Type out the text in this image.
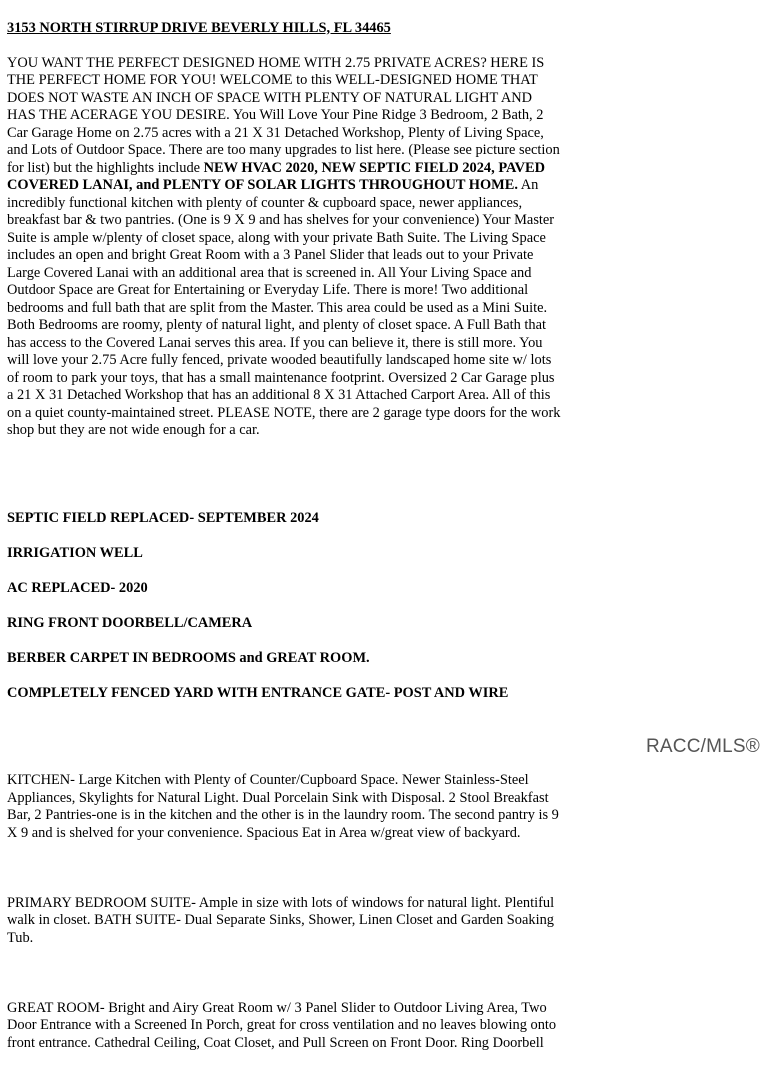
3153 NORTH STIRRUP DRIVE BEVERLY HILLS, FL 34465

YOU WANT THE PERFECT DESIGNED HOME WITH 2.75 PRIVATE ACRES? HERE IS
THE PERFECT HOME FOR YOU! WELCOME to this WELL-DESIGNED HOME THAT
DOES NOT WASTE AN INCH OF SPACE WITH PLENTY OF NATURAL LIGHT AND
HAS THE ACERAGE YOU DESIRE. You Will Love Your Pine Ridge 3 Bedroom, 2 Bath, 2
Car Garage Home on 2.75 acres with a 21 X 31 Detached Workshop, Plenty of Living Space,
and Lots of Outdoor Space. There are too many upgrades to list here. (Please see picture section
for list) but the highlights include NEW HVAC 2020, NEW SEPTIC FIELD 2024, PAVED
COVERED LANAI, and PLENTY OF SOLAR LIGHTS THROUGHOUT HOME. An
incredibly functional kitchen with plenty of counter & cupboard space, newer appliances,
breakfast bar & two pantries. (One is 9 X 9 and has shelves for your convenience) Your Master
Suite is ample w/plenty of closet space, along with your private Bath Suite. The Living Space
includes an open and bright Great Room with a 3 Panel Slider that leads out to your Private
Large Covered Lanai with an additional area that is screened in. All Your Living Space and
Outdoor Space are Great for Entertaining or Everyday Life. There is more! Two additional
bedrooms and full bath that are split from the Master. This area could be used as a Mini Suite.
Both Bedrooms are roomy, plenty of natural light, and plenty of closet space. A Full Bath that
has access to the Covered Lanai serves this area. If you can believe it, there is still more. You
will love your 2.75 Acre fully fenced, private wooded beautifully landscaped home site w/ lots
of room to park your toys, that has a small maintenance footprint. Oversized 2 Car Garage plus
a 21 X 31 Detached Workshop that has an additional 8 X 31 Attached Carport Area. All of this
on a quiet county-maintained street. PLEASE NOTE, there are 2 garage type doors for the work
shop but they are not wide enough for a car.

SEPTIC FIELD REPLACED- SEPTEMBER 2024

IRRIGATION WELL

AC REPLACED- 2020

RING FRONT DOORBELL/CAMERA

BERBER CARPET IN BEDROOMS and GREAT ROOM.

COMPLETELY FENCED YARD WITH ENTRANCE GATE- POST AND WIRE

KITCHEN- Large Kitchen with Plenty of Counter/Cupboard Space. Newer Stainless-Steel
Appliances, Skylights for Natural Light. Dual Porcelain Sink with Disposal. 2 Stool Breakfast
Bar, 2 Pantries-one is in the kitchen and the other is in the laundry room. The second pantry is 9
X 9 and is shelved for your convenience. Spacious Eat in Area w/great view of backyard.

PRIMARY BEDROOM SUITE- Ample in size with lots of windows for natural light. Plentiful
walk in closet. BATH SUITE- Dual Separate Sinks, Shower, Linen Closet and Garden Soaking
Tub.

GREAT ROOM- Bright and Airy Great Room w/ 3 Panel Slider to Outdoor Living Area, Two
Door Entrance with a Screened In Porch, great for cross ventilation and no leaves blowing onto
front entrance. Cathedral Ceiling, Coat Closet, and Pull Screen on Front Door. Ring Doorbell

RACC/MLS®
